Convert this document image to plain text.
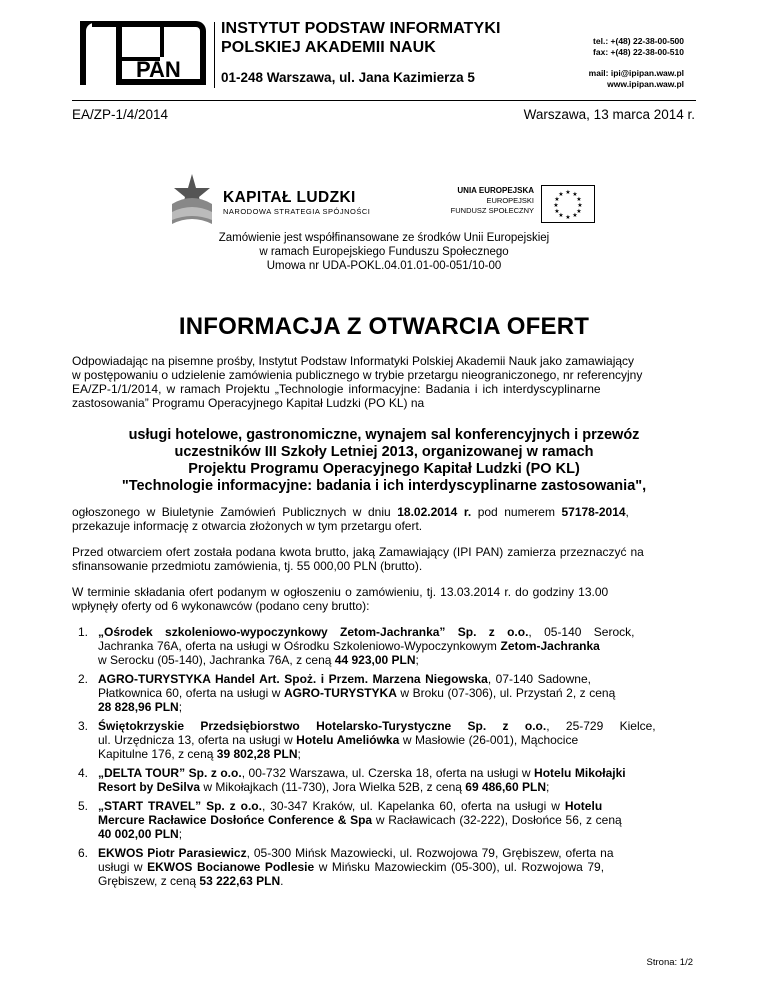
PAN
INSTYTUT PODSTAW INFORMATYKI
POLSKIEJ AKADEMII NAUK
01-248 Warszawa, ul. Jana Kazimierza 5
tel.: +(48) 22-38-00-500
fax: +(48) 22-38-00-510
mail: ipi@ipipan.waw.pl
www.ipipan.waw.pl
EA/ZP-1/4/2014	Warszawa, 13 marca 2014 r.
KAPITAŁ LUDZKI
NARODOWA STRATEGIA SPÓJNOŚCI
UNIA EUROPEJSKA
EUROPEJSKI
FUNDUSZ SPOŁECZNY
★ ★
★
★
★
★
★
★
★
★
★
★
Zamówienie jest współfinansowane ze środków Unii Europejskiej
w ramach Europejskiego Funduszu Społecznego
Umowa nr UDA-POKL.04.01.01-00-051/10-00
INFORMACJA Z OTWARCIA OFERT
Odpowiadając na pisemne prośby, Instytut Podstaw Informatyki Polskiej Akademii Nauk jako zamawiający
w postępowaniu o udzielenie zamówienia publicznego w trybie przetargu nieograniczonego, nr referencyjny
EA/ZP-1/1/2014, w ramach Projektu „Technologie informacyjne: Badania i ich interdyscyplinarne
zastosowania” Programu Operacyjnego Kapitał Ludzki (PO KL) na
usługi hotelowe, gastronomiczne, wynajem sal konferencyjnych i przewóz
uczestników III Szkoły Letniej 2013, organizowanej w ramach
Projektu Programu Operacyjnego Kapitał Ludzki (PO KL)
"Technologie informacyjne: badania i ich interdyscyplinarne zastosowania",
ogłoszonego w Biuletynie Zamówień Publicznych w dniu 18.02.2014 r. pod numerem 57178-2014,
przekazuje informację z otwarcia złożonych w tym przetargu ofert.
Przed otwarciem ofert została podana kwota brutto, jaką Zamawiający (IPI PAN) zamierza przeznaczyć na
sfinansowanie przedmiotu zamówienia, tj. 55 000,00 PLN (brutto).
W terminie składania ofert podanym w ogłoszeniu o zamówieniu, tj. 13.03.2014 r. do godziny 13.00
wpłynęły oferty od 6 wykonawców (podano ceny brutto):
1. „Ośrodek szkoleniowo-wypoczynkowy Zetom-Jachranka” Sp. z o.o., 05-140 Serock,
Jachranka 76A, oferta na usługi w Ośrodku Szkoleniowo-Wypoczynkowym Zetom-Jachranka
w Serocku (05-140), Jachranka 76A, z ceną 44 923,00 PLN;
2. AGRO-TURYSTYKA Handel Art. Spoż. i Przem. Marzena Niegowska, 07-140 Sadowne,
Płatkownica 60, oferta na usługi w AGRO-TURYSTYKA w Broku (07-306), ul. Przystań 2, z ceną
28 828,96 PLN;
3. Świętokrzyskie Przedsiębiorstwo Hotelarsko-Turystyczne Sp. z o.o., 25-729 Kielce,
ul. Urzędnicza 13, oferta na usługi w Hotelu Ameliówka w Masłowie (26-001), Mąchocice
Kapitulne 176, z ceną 39 802,28 PLN;
4. „DELTA TOUR” Sp. z o.o., 00-732 Warszawa, ul. Czerska 18, oferta na usługi w Hotelu Mikołajki
Resort by DeSilva w Mikołajkach (11-730), Jora Wielka 52B, z ceną 69 486,60 PLN;
5. „START TRAVEL” Sp. z o.o., 30-347 Kraków, ul. Kapelanka 60, oferta na usługi w Hotelu
Mercure Racławice Dosłońce Conference & Spa w Racławicach (32-222), Dosłońce 56, z ceną
40 002,00 PLN;
6. EKWOS Piotr Parasiewicz, 05-300 Mińsk Mazowiecki, ul. Rozwojowa 79, Grębiszew, oferta na
usługi w EKWOS Bocianowe Podlesie w Mińsku Mazowieckim (05-300), ul. Rozwojowa 79,
Grębiszew, z ceną 53 222,63 PLN.
Strona: 1/2
